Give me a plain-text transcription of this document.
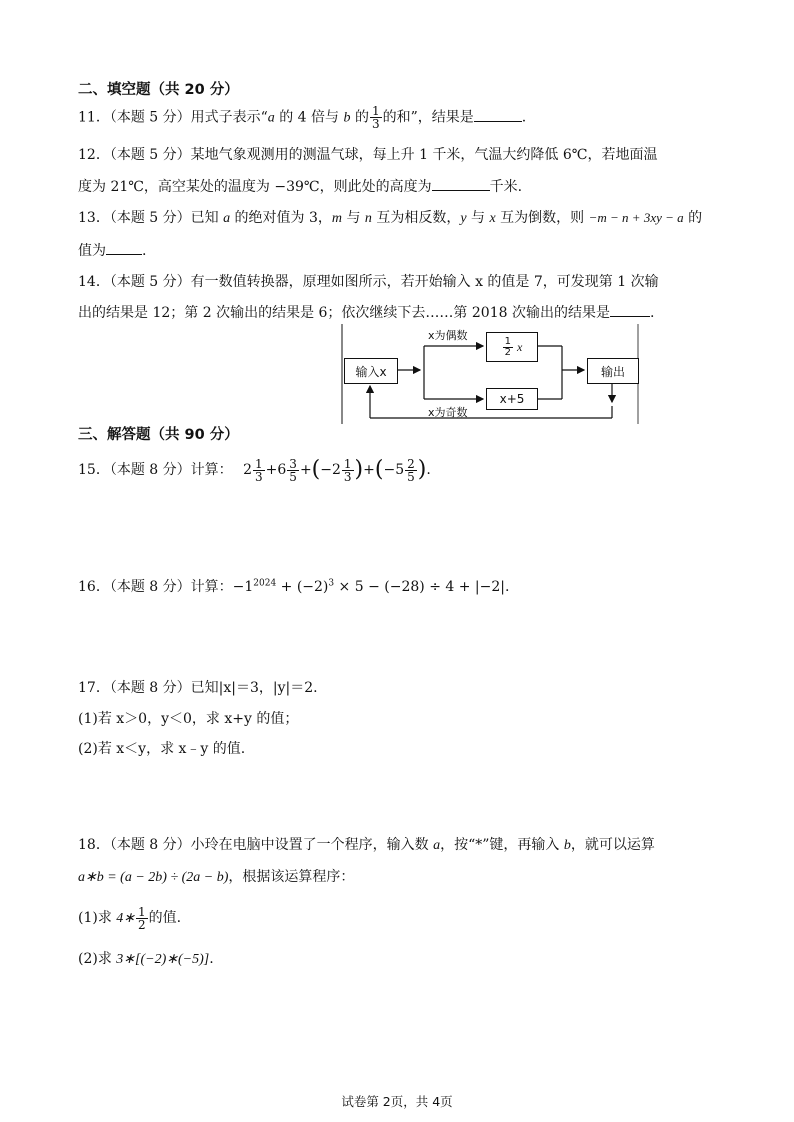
二、填空题（共 20 分）
11．（本题 5 分）用式子表示“a 的 4 倍与 b 的 $\frac{1}{3}$ 的和”，结果是	.
12．（本题 5 分）某地气象观测用的测温气球，每上升 1 千米，气温大约降低 6℃，若地面温
度为 21℃，高空某处的温度为 −39℃，则此处的高度为	千米.
13．（本题 5 分）已知 a 的绝对值为 3，m 与 n 互为相反数，y 与 x 互为倒数，则 −m − n + 3xy − a 的
值为	.
14．（本题 5 分）有一数值转换器，原理如图所示，若开始输入 x 的值是 7，可发现第 1 次输
出的结果是 12；第 2 次输出的结果是 6；依次继续下去……第 2018 次输出的结果是	.
输入x
x为偶数
$\frac{1}{2}$ x
x+5
x为奇数
输出
三、解答题（共 90 分）
15．（本题 8 分）计算： $2 \frac{1}{3} +6 \frac{3}{5} +(-2 \frac{1}{3} )+(-5 \frac{2}{5}$ ).
16．（本题 8 分）计算：$-1^{2024} + (-2)^3 \times 5 - (-28) \div 4 + |-2|$.
17．（本题 8 分）已知|x|＝3，|y|＝2.
(1)若 x＞0，y＜0，求 x+y 的值；
(2)若 x＜y，求 x﹣y 的值.
18．（本题 8 分）小玲在电脑中设置了一个程序，输入数 a，按“*”键，再输入 b，就可以运算
a∗b = (a − 2b) ÷ (2a − b)，根据该运算程序：
(1)求 4∗ $\frac{1}{2}$ 的值.
(2)求 3∗[(−2)∗(−5)].
试卷第 2页，共 4页
